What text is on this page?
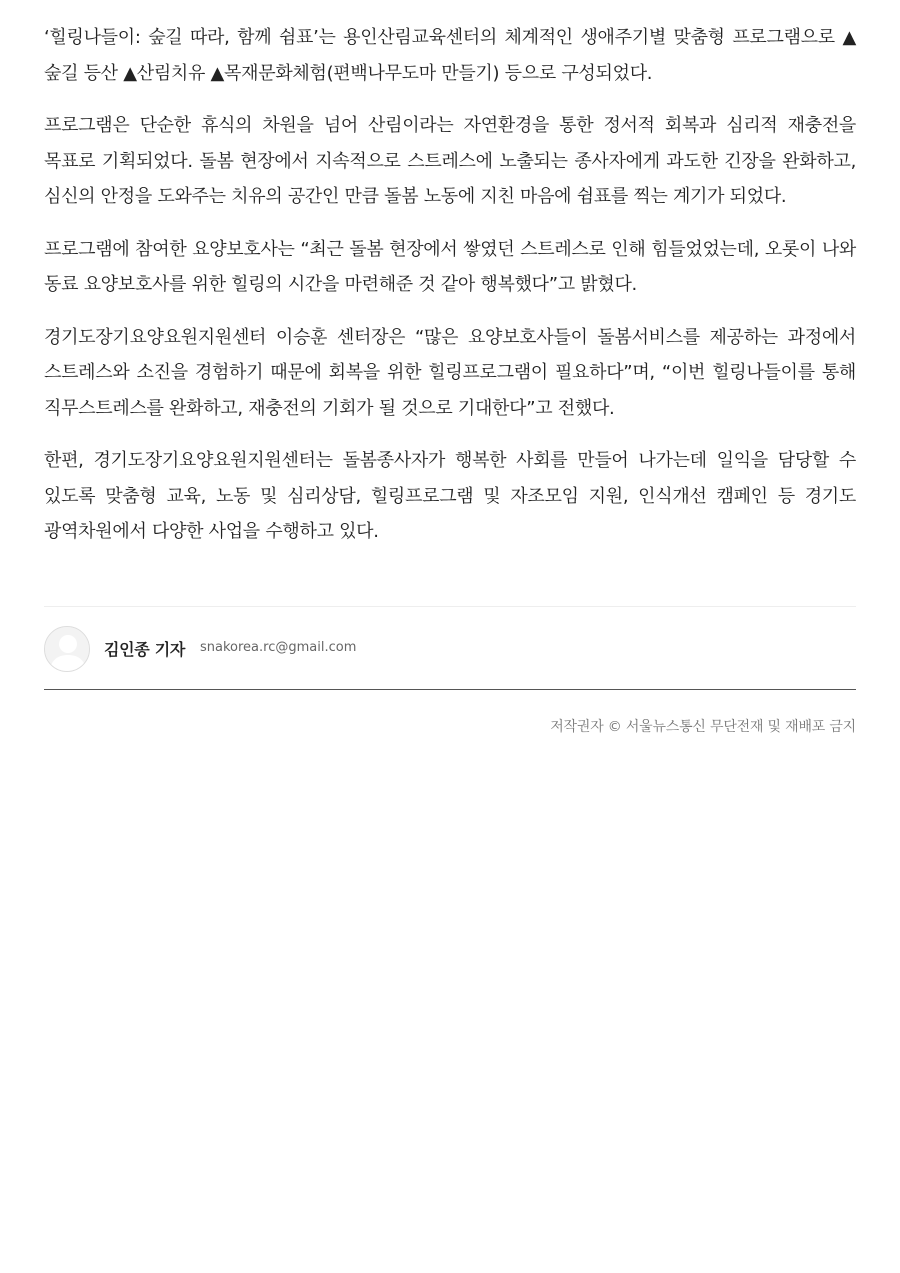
‘힐링나들이: 숲길 따라, 함께 쉼표’는 용인산림교육센터의 체계적인 생애주기별 맞춤형 프로그램으로 ▲숲길 등산 ▲산림치유 ▲목재문화체험(편백나무도마 만들기) 등으로 구성되었다.

프로그램은 단순한 휴식의 차원을 넘어 산림이라는 자연환경을 통한 정서적 회복과 심리적 재충전을 목표로 기획되었다. 돌봄 현장에서 지속적으로 스트레스에 노출되는 종사자에게 과도한 긴장을 완화하고, 심신의 안정을 도와주는 치유의 공간인 만큼 돌봄 노동에 지친 마음에 쉼표를 찍는 계기가 되었다.

프로그램에 참여한 요양보호사는 “최근 돌봄 현장에서 쌓였던 스트레스로 인해 힘들었었는데, 오롯이 나와 동료 요양보호사를 위한 힐링의 시간을 마련해준 것 같아 행복했다”고 밝혔다.

경기도장기요양요원지원센터 이승훈 센터장은 “많은 요양보호사들이 돌봄서비스를 제공하는 과정에서 스트레스와 소진을 경험하기 때문에 회복을 위한 힐링프로그램이 필요하다”며, “이번 힐링나들이를 통해 직무스트레스를 완화하고, 재충전의 기회가 될 것으로 기대한다”고 전했다.

한편, 경기도장기요양요원지원센터는 돌봄종사자가 행복한 사회를 만들어 나가는데 일익을 담당할 수 있도록 맞춤형 교육, 노동 및 심리상담, 힐링프로그램 및 자조모임 지원, 인식개선 캠페인 등 경기도 광역차원에서 다양한 사업을 수행하고 있다.

김인종 기자 snakorea.rc@gmail.com
저작권자 © 서울뉴스통신 무단전재 및 재배포 금지
